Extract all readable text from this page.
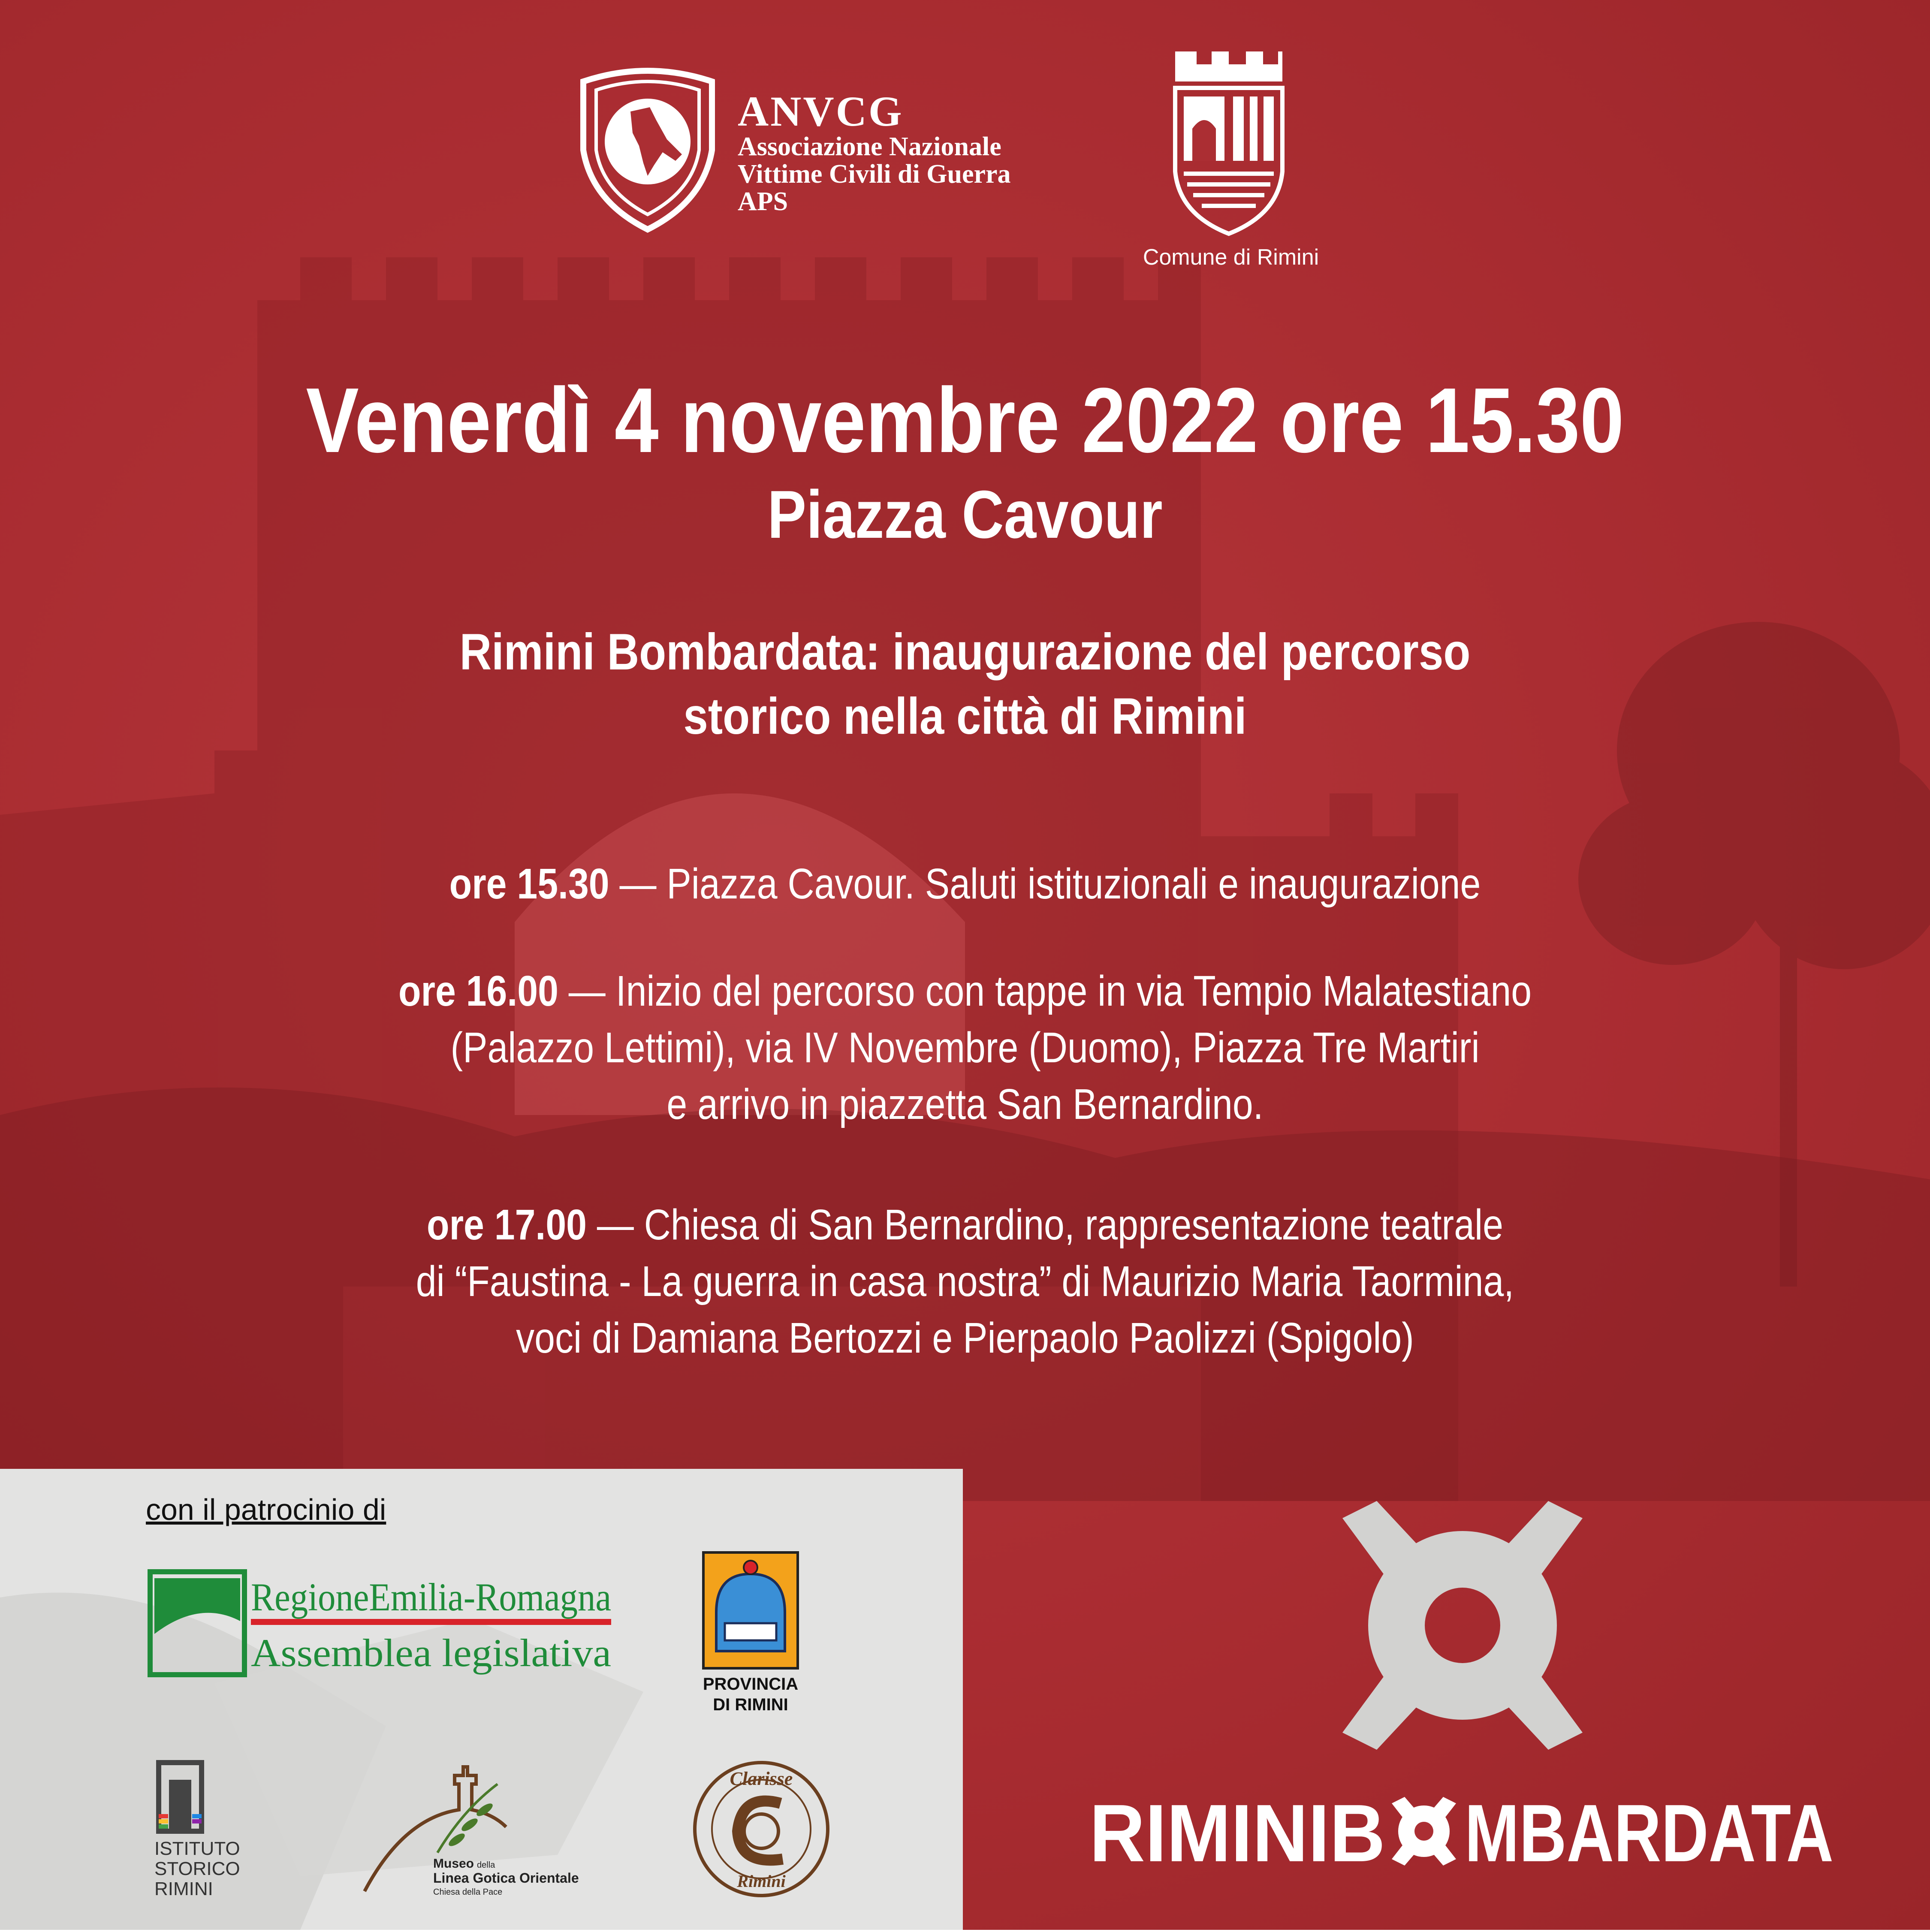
ANVCG
Associazione Nazionale
Vittime Civili di Guerra
APS
Comune di Rimini
Venerdì 4 novembre 2022 ore 15.30
Piazza Cavour
Rimini Bombardata: inaugurazione del percorso
storico nella città di Rimini
ore 15.30 — Piazza Cavour. Saluti istituzionali e inaugurazione
ore 16.00 — Inizio del percorso con tappe in via Tempio Malatestiano
(Palazzo Lettimi), via IV Novembre (Duomo), Piazza Tre Martiri
e arrivo in piazzetta San Bernardino.
ore 17.00 — Chiesa di San Bernardino, rappresentazione teatrale
di “Faustina - La guerra in casa nostra” di Maurizio Maria Taormina,
voci di Damiana Bertozzi e Pierpaolo Paolizzi (Spigolo)
con il patrocinio di
RegioneEmilia-Romagna
Assemblea legislativa
PROVINCIA
DI RIMINI
ISTITUTO
STORICO
RIMINI
Museo della
Linea Gotica Orientale
Chiesa della Pace
Clarisse
Rimini
RIMINIB MBARDATA
